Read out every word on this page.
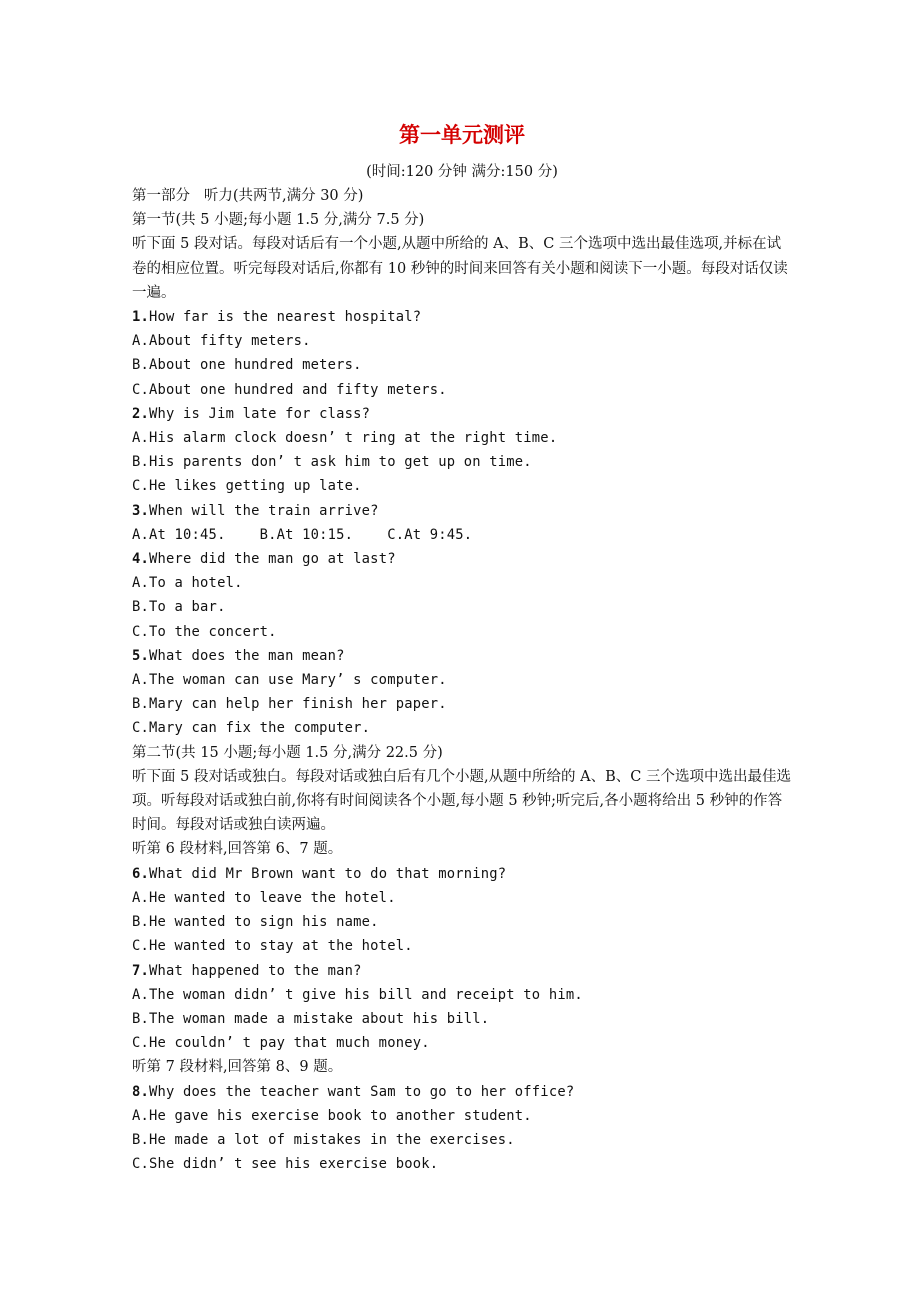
第一单元测评
(时间:120 分钟 满分:150 分)
第一部分   听力(共两节,满分 30 分)
第一节(共 5 小题;每小题 1.5 分,满分 7.5 分)
听下面 5 段对话。每段对话后有一个小题,从题中所给的 A、B、C 三个选项中选出最佳选项,并标在试卷的相应位置。听完每段对话后,你都有 10 秒钟的时间来回答有关小题和阅读下一小题。每段对话仅读一遍。
1.How far is the nearest hospital?
A.About fifty meters.
B.About one hundred meters.
C.About one hundred and fifty meters.
2.Why is Jim late for class?
A.His alarm clock doesn’ t ring at the right time.
B.His parents don’ t ask him to get up on time.
C.He likes getting up late.
3.When will the train arrive?
A.At 10:45.    B.At 10:15.    C.At 9:45.
4.Where did the man go at last?
A.To a hotel.
B.To a bar.
C.To the concert.
5.What does the man mean?
A.The woman can use Mary’ s computer.
B.Mary can help her finish her paper.
C.Mary can fix the computer.
第二节(共 15 小题;每小题 1.5 分,满分 22.5 分)
听下面 5 段对话或独白。每段对话或独白后有几个小题,从题中所给的 A、B、C 三个选项中选出最佳选项。听每段对话或独白前,你将有时间阅读各个小题,每小题 5 秒钟;听完后,各小题将给出 5 秒钟的作答时间。每段对话或独白读两遍。
听第 6 段材料,回答第 6、7 题。
6.What did Mr Brown want to do that morning?
A.He wanted to leave the hotel.
B.He wanted to sign his name.
C.He wanted to stay at the hotel.
7.What happened to the man?
A.The woman didn’ t give his bill and receipt to him.
B.The woman made a mistake about his bill.
C.He couldn’ t pay that much money.
听第 7 段材料,回答第 8、9 题。
8.Why does the teacher want Sam to go to her office?
A.He gave his exercise book to another student.
B.He made a lot of mistakes in the exercises.
C.She didn’ t see his exercise book.
